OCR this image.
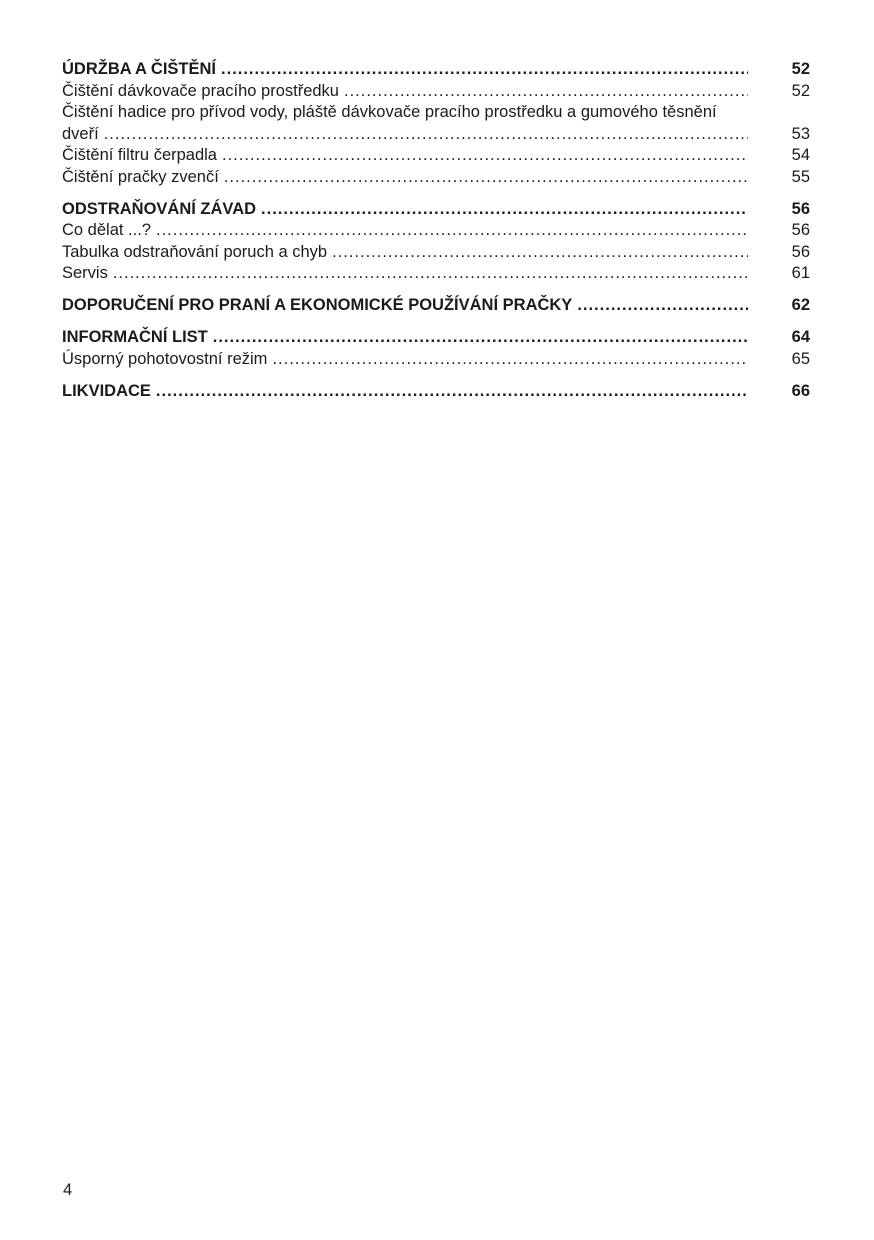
ÚDRŽBA A ČIŠTĚNÍ .....	52
Čištění dávkovače pracího prostředku .....	52
Čištění hadice pro přívod vody, pláště dávkovače pracího prostředku a gumového těsnění
dveří .....	53
Čištění filtru čerpadla .....	54
Čištění pračky zvenčí .....	55
ODSTRAŇOVÁNÍ ZÁVAD .....	56
Co dělat ...? .....	56
Tabulka odstraňování poruch a chyb .....	56
Servis .....	61
DOPORUČENÍ PRO PRANÍ A EKONOMICKÉ POUŽÍVÁNÍ PRAČKY .....	62
INFORMAČNÍ LIST .....	64
Úsporný pohotovostní režim .....	65
LIKVIDACE .....	66
4
